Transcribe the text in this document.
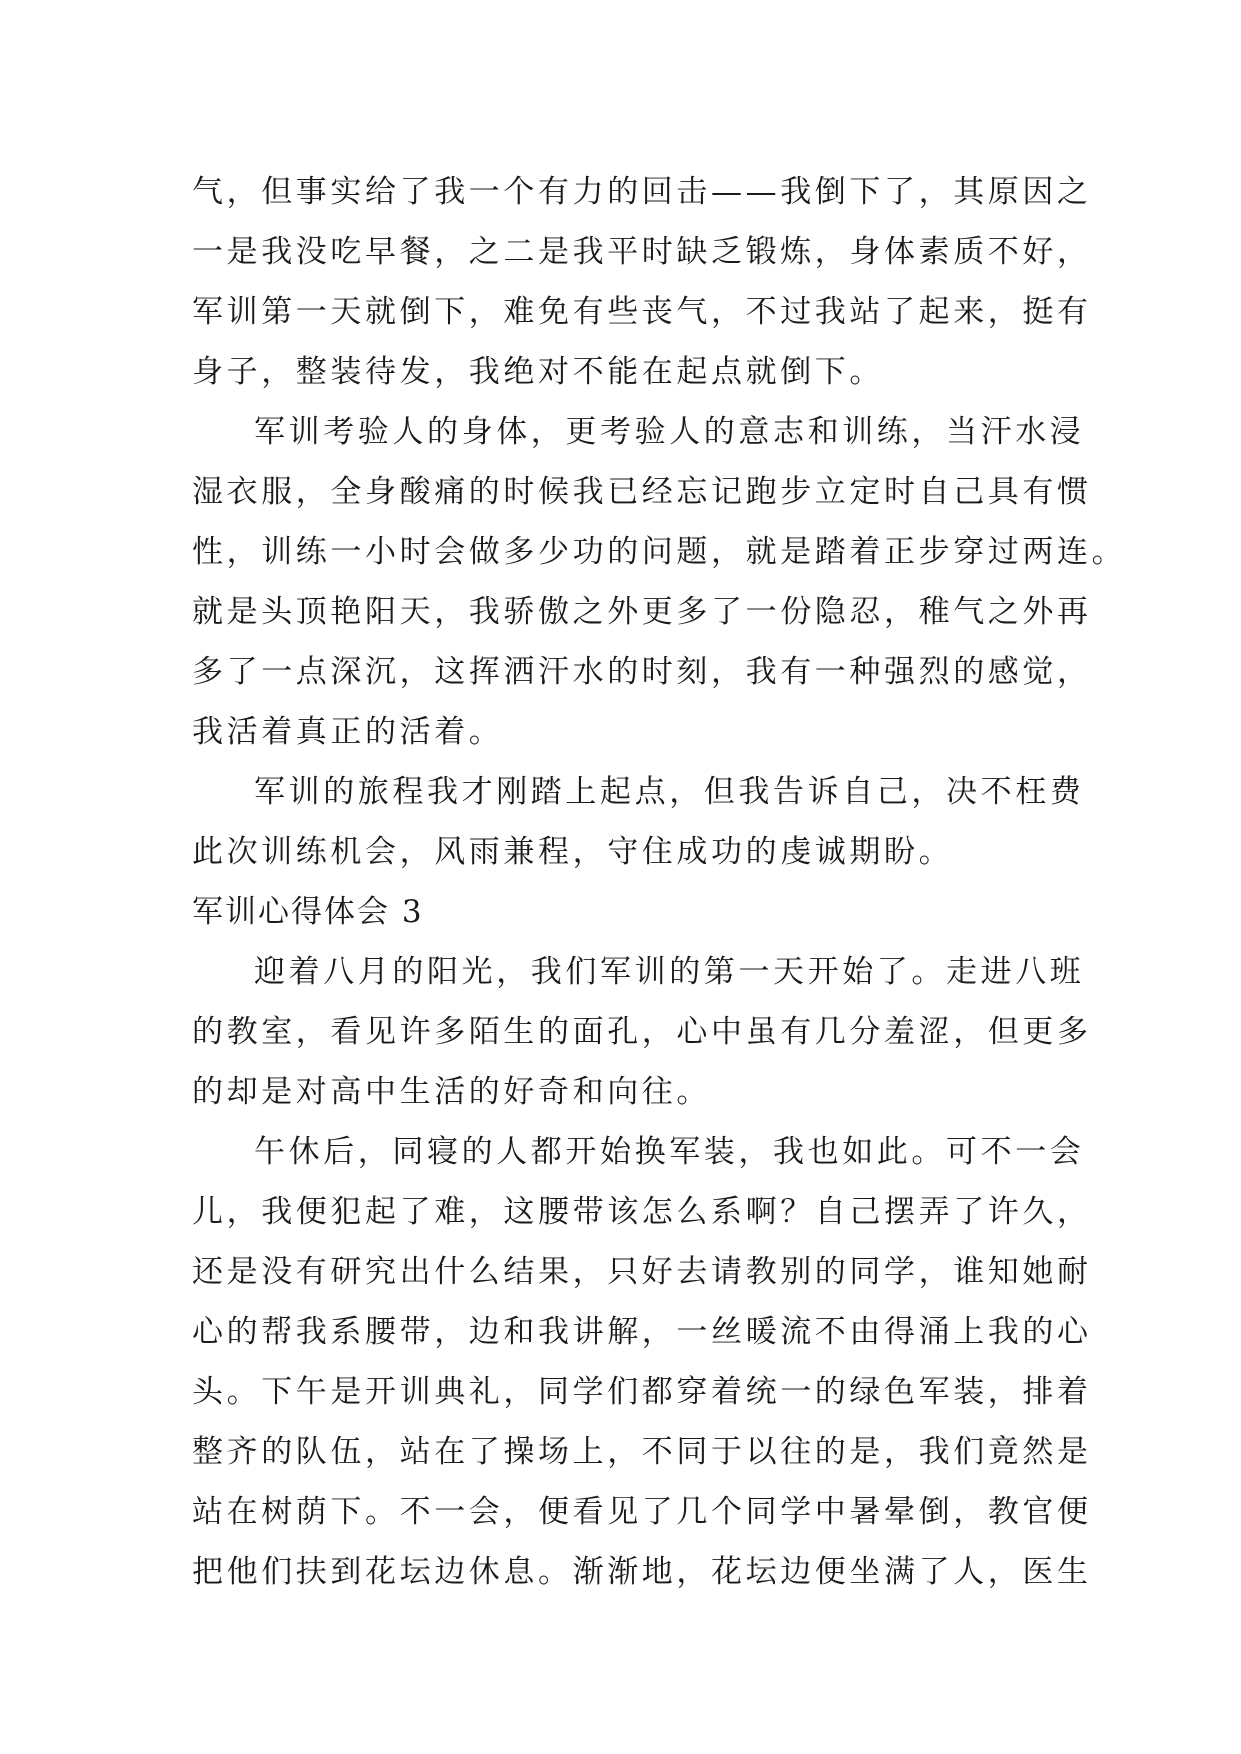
气，但事实给了我一个有力的回击——我倒下了，其原因之
一是我没吃早餐，之二是我平时缺乏锻炼，身体素质不好，
军训第一天就倒下，难免有些丧气，不过我站了起来，挺有
身子，整装待发，我绝对不能在起点就倒下。
军训考验人的身体，更考验人的意志和训练，当汗水浸
湿衣服，全身酸痛的时候我已经忘记跑步立定时自己具有惯
性，训练一小时会做多少功的问题，就是踏着正步穿过两连。
就是头顶艳阳天，我骄傲之外更多了一份隐忍，稚气之外再
多了一点深沉，这挥洒汗水的时刻，我有一种强烈的感觉，
我活着真正的活着。
军训的旅程我才刚踏上起点，但我告诉自己，决不枉费
此次训练机会，风雨兼程，守住成功的虔诚期盼。
军训心得体会 3
迎着八月的阳光，我们军训的第一天开始了。走进八班
的教室，看见许多陌生的面孔，心中虽有几分羞涩，但更多
的却是对高中生活的好奇和向往。
午休后，同寝的人都开始换军装，我也如此。可不一会
儿，我便犯起了难，这腰带该怎么系啊？自己摆弄了许久，
还是没有研究出什么结果，只好去请教别的同学，谁知她耐
心的帮我系腰带，边和我讲解，一丝暖流不由得涌上我的心
头。下午是开训典礼，同学们都穿着统一的绿色军装，排着
整齐的队伍，站在了操场上，不同于以往的是，我们竟然是
站在树荫下。不一会，便看见了几个同学中暑晕倒，教官便
把他们扶到花坛边休息。渐渐地，花坛边便坐满了人，医生
